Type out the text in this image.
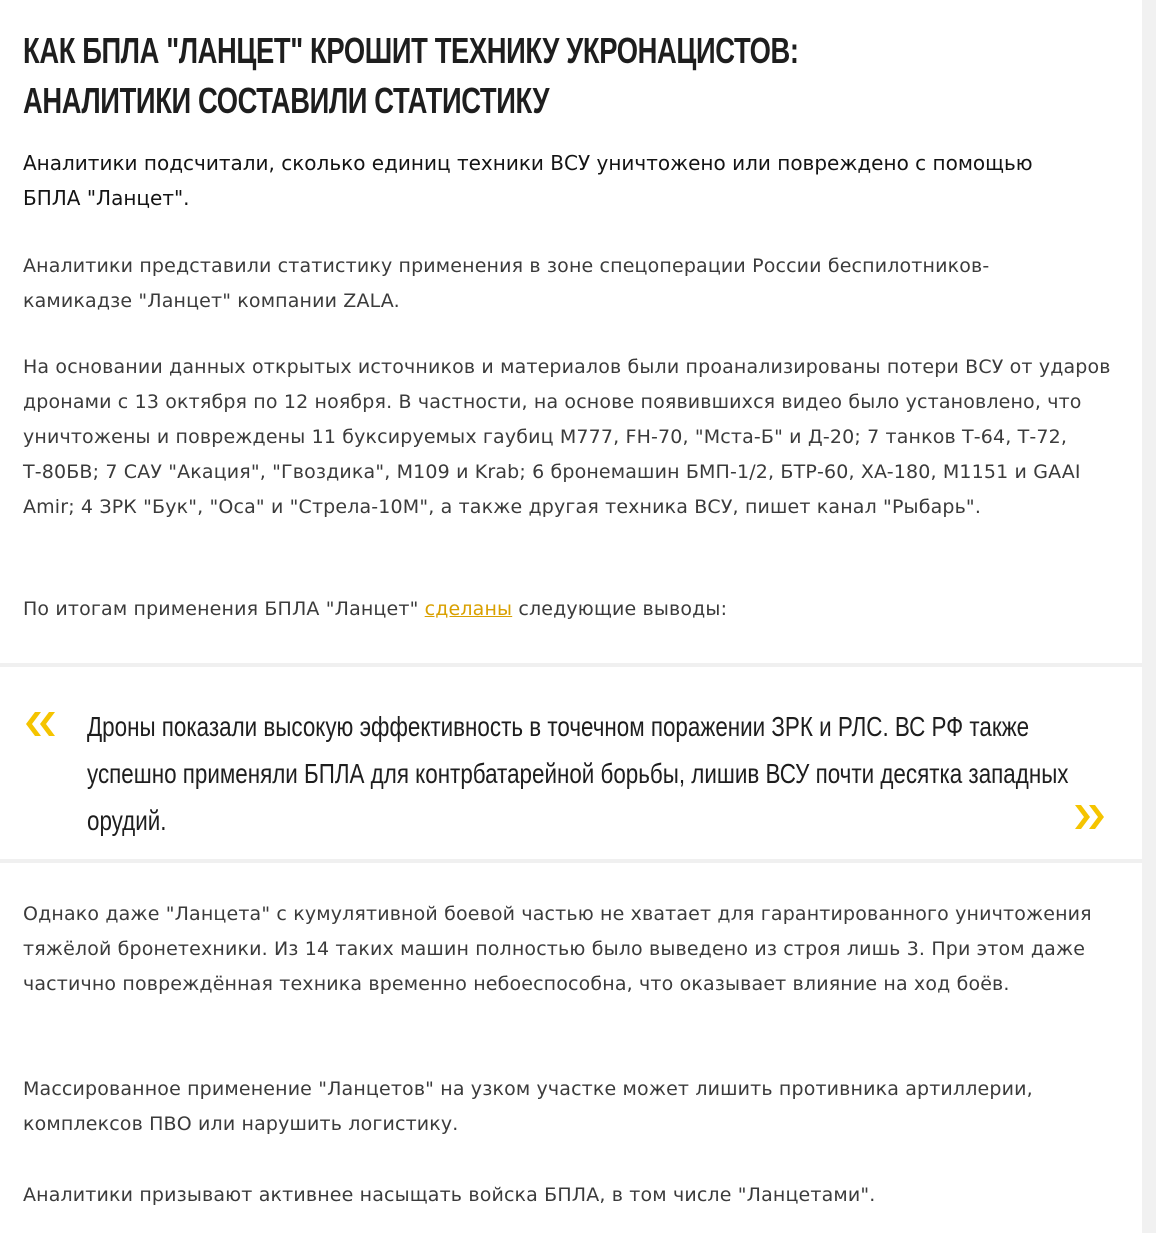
КАК БПЛА "ЛАНЦЕТ" КРОШИТ ТЕХНИКУ УКРОНАЦИСТОВ:
АНАЛИТИКИ СОСТАВИЛИ СТАТИСТИКУ

Аналитики подсчитали, сколько единиц техники ВСУ уничтожено или повреждено с помощью БПЛА "Ланцет".

Аналитики представили статистику применения в зоне спецоперации России беспилотников-камикадзе "Ланцет" компании ZALA.

На основании данных открытых источников и материалов были проанализированы потери ВСУ от ударов дронами с 13 октября по 12 ноября. В частности, на основе появившихся видео было установлено, что уничтожены и повреждены 11 буксируемых гаубиц M777, FH-70, "Мста-Б" и Д-20; 7 танков Т-64, Т-72, Т-80БВ; 7 САУ "Акация", "Гвоздика", M109 и Krab; 6 бронемашин БМП-1/2, БТР-60, XA-180, M1151 и GAAI Amir; 4 ЗРК "Бук", "Оса" и "Стрела-10М", а также другая техника ВСУ, пишет канал "Рыбарь".

По итогам применения БПЛА "Ланцет" сделаны следующие выводы:

Дроны показали высокую эффективность в точечном поражении ЗРК и РЛС. ВС РФ также успешно применяли БПЛА для контрбатарейной борьбы, лишив ВСУ почти десятка западных орудий.

Однако даже "Ланцета" с кумулятивной боевой частью не хватает для гарантированного уничтожения тяжёлой бронетехники. Из 14 таких машин полностью было выведено из строя лишь 3. При этом даже частично повреждённая техника временно небоеспособна, что оказывает влияние на ход боёв.

Массированное применение "Ланцетов" на узком участке может лишить противника артиллерии, комплексов ПВО или нарушить логистику.

Аналитики призывают активнее насыщать войска БПЛА, в том числе "Ланцетами".
